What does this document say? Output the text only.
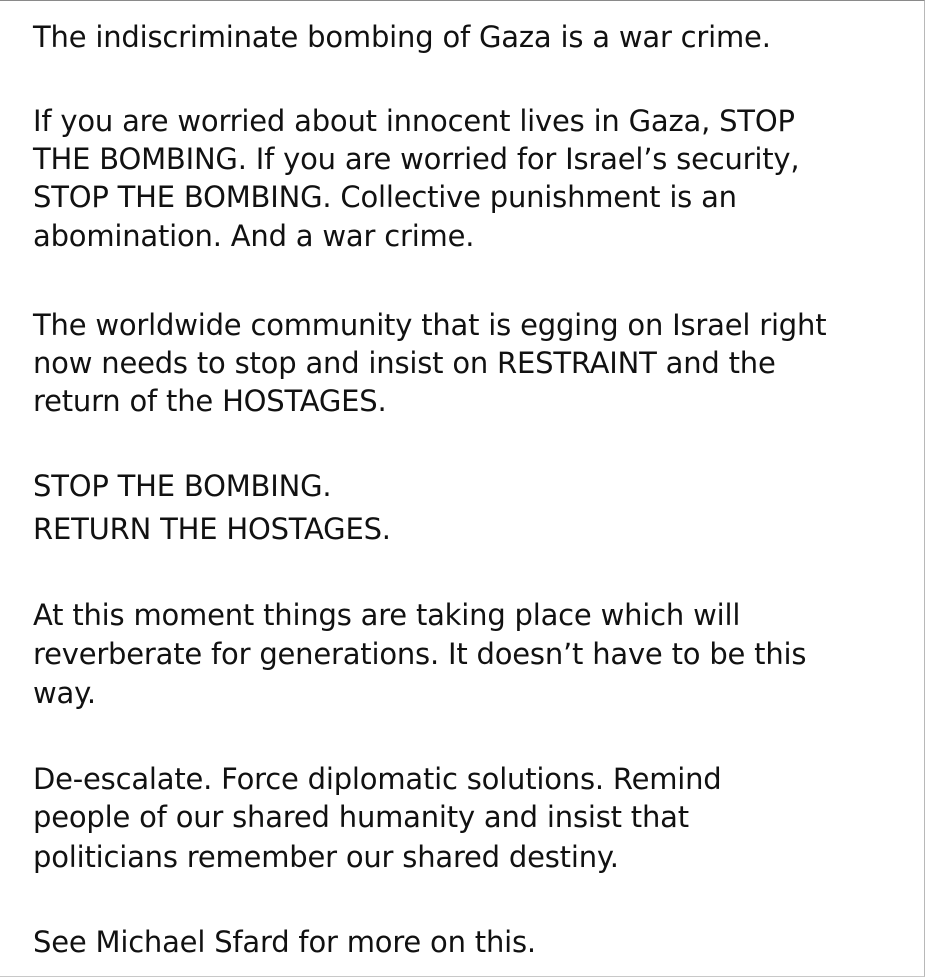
The indiscriminate bombing of Gaza is a war crime.

If you are worried about innocent lives in Gaza, STOP

THE BOMBING. If you are worried for Israel’s security,

STOP THE BOMBING. Collective punishment is an

abomination. And a war crime.

The worldwide community that is egging on Israel right

now needs to stop and insist on RESTRAINT and the

return of the HOSTAGES.

STOP THE BOMBING.

RETURN THE HOSTAGES.

At this moment things are taking place which will

reverberate for generations. It doesn’t have to be this

way.

De-escalate. Force diplomatic solutions. Remind

people of our shared humanity and insist that

politicians remember our shared destiny.

See Michael Sfard for more on this.
